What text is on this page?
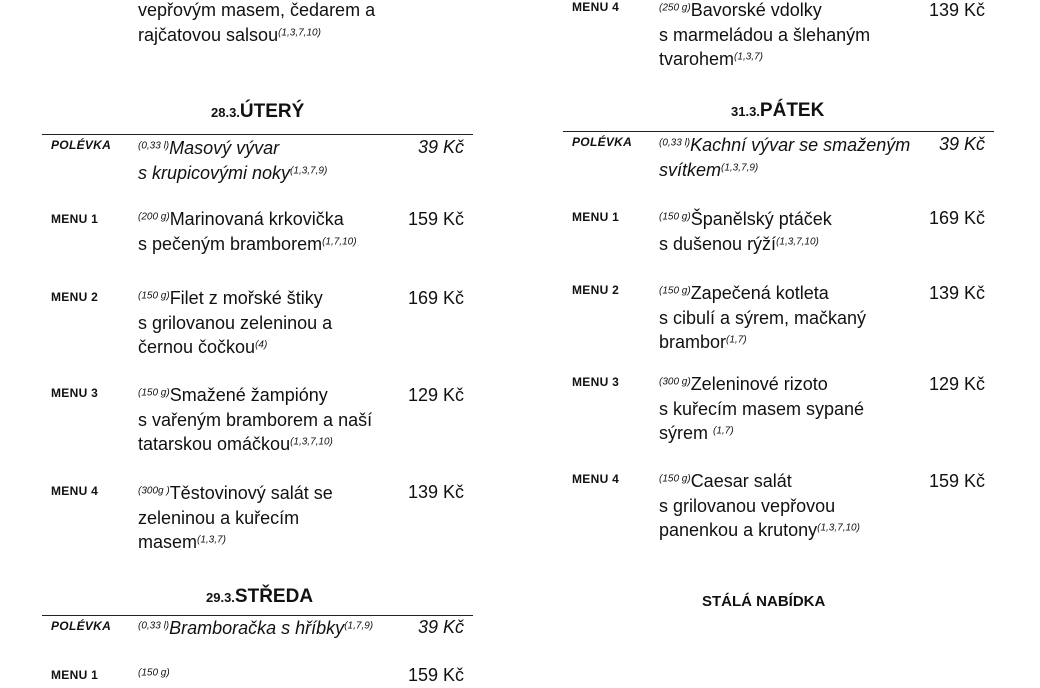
vepřovým masem, čedarem a
rajčatovou salsou$^{(1,3,7,10)}$
28.3.ÚTERÝ
POLÉVKA	$^{(0,33 l)}$Masový vývar
s krupicovými noky$^{(1,3,7,9)}$
39 Kč
MENU 1	$^{(200 g)}$Marinovaná krkovička
s pečeným bramborem$^{(1,7,10)}$
159 Kč
MENU 2	$^{(150 g)}$Filet z mořské štiky
s grilovanou zeleninou a
černou čočkou$^{(4)}$
169 Kč
MENU 3	$^{(150 g)}$Smažené žampióny
s vařeným bramborem a naší
tatarskou omáčkou$^{(1,3,7,10)}$
129 Kč
MENU 4	$^{(300g )}$Těstovinový salát se
zeleninou a kuřecím
masem$^{(1,3,7)}$
139 Kč
29.3.STŘEDA
POLÉVKA	$^{(0,33 l)}$Bramboračka s hříbky$^{(1,7,9)}$	39 Kč
MENU 1	$^{(150 g)}$	159 Kč
MENU 4	$^{(250 g)}$Bavorské vdolky
s marmeládou a šlehaným
tvarohem$^{(1,3,7)}$
139 Kč
31.3.PÁTEK
POLÉVKA	$^{(0,33 l)}$Kachní vývar se smaženým
svítkem$^{(1,3,7,9)}$
39 Kč
MENU 1	$^{(150 g)}$Španělský ptáček
s dušenou rýží$^{(1,3,7,10)}$
169 Kč
MENU 2	$^{(150 g)}$Zapečená kotleta
s cibulí a sýrem, mačkaný
brambor$^{(1,7)}$
139 Kč
MENU 3	$^{(300 g)}$Zeleninové rizoto
s kuřecím masem sypané
sýrem $^{(1,7)}$
129 Kč
MENU 4	$^{(150 g)}$Caesar salát
s grilovanou vepřovou
panenkou a krutony$^{(1,3,7,10)}$
159 Kč
STÁLÁ NABÍDKA
